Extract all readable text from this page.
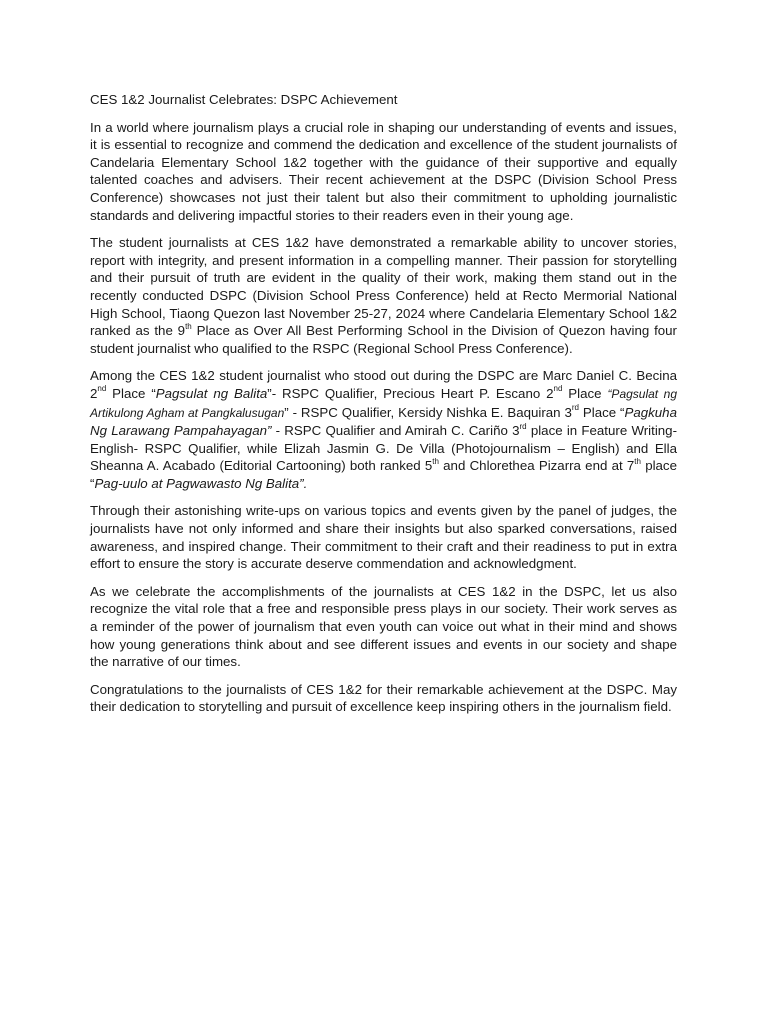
CES 1&2 Journalist Celebrates: DSPC Achievement

In a world where journalism plays a crucial role in shaping our understanding of events and issues, it is essential to recognize and commend the dedication and excellence of the student journalists of Candelaria Elementary School 1&2 together with the guidance of their supportive and equally talented coaches and advisers. Their recent achievement at the DSPC (Division School Press Conference) showcases not just their talent but also their commitment to upholding journalistic standards and delivering impactful stories to their readers even in their young age.

The student journalists at CES 1&2 have demonstrated a remarkable ability to uncover stories, report with integrity, and present information in a compelling manner. Their passion for storytelling and their pursuit of truth are evident in the quality of their work, making them stand out in the recently conducted DSPC (Division School Press Conference) held at Recto Mermorial National High School, Tiaong Quezon last November 25-27, 2024 where Candelaria Elementary School 1&2 ranked as the 9th Place as Over All Best Performing School in the Division of Quezon having four student journalist who qualified to the RSPC (Regional School Press Conference).

Among the CES 1&2 student journalist who stood out during the DSPC are Marc Daniel C. Becina 2nd Place “Pagsulat ng Balita”- RSPC Qualifier, Precious Heart P. Escano 2nd Place “Pagsulat ng Artikulong Agham at Pangkalusugan” - RSPC Qualifier, Kersidy Nishka E. Baquiran 3rd Place “Pagkuha Ng Larawang Pampahayagan” - RSPC Qualifier and Amirah C. Cariño 3rd place in Feature Writing-English- RSPC Qualifier, while Elizah Jasmin G. De Villa (Photojournalism – English) and Ella Sheanna A. Acabado (Editorial Cartooning) both ranked 5th and Chlorethea Pizarra end at 7th place “Pag-uulo at Pagwawasto Ng Balita”.

Through their astonishing write-ups on various topics and events given by the panel of judges, the journalists have not only informed and share their insights but also sparked conversations, raised awareness, and inspired change. Their commitment to their craft and their readiness to put in extra effort to ensure the story is accurate deserve commendation and acknowledgment.

As we celebrate the accomplishments of the journalists at CES 1&2 in the DSPC, let us also recognize the vital role that a free and responsible press plays in our society. Their work serves as a reminder of the power of journalism that even youth can voice out what in their mind and shows how young generations think about and see different issues and events in our society and shape the narrative of our times.

Congratulations to the journalists of CES 1&2 for their remarkable achievement at the DSPC. May their dedication to storytelling and pursuit of excellence keep inspiring others in the journalism field.
